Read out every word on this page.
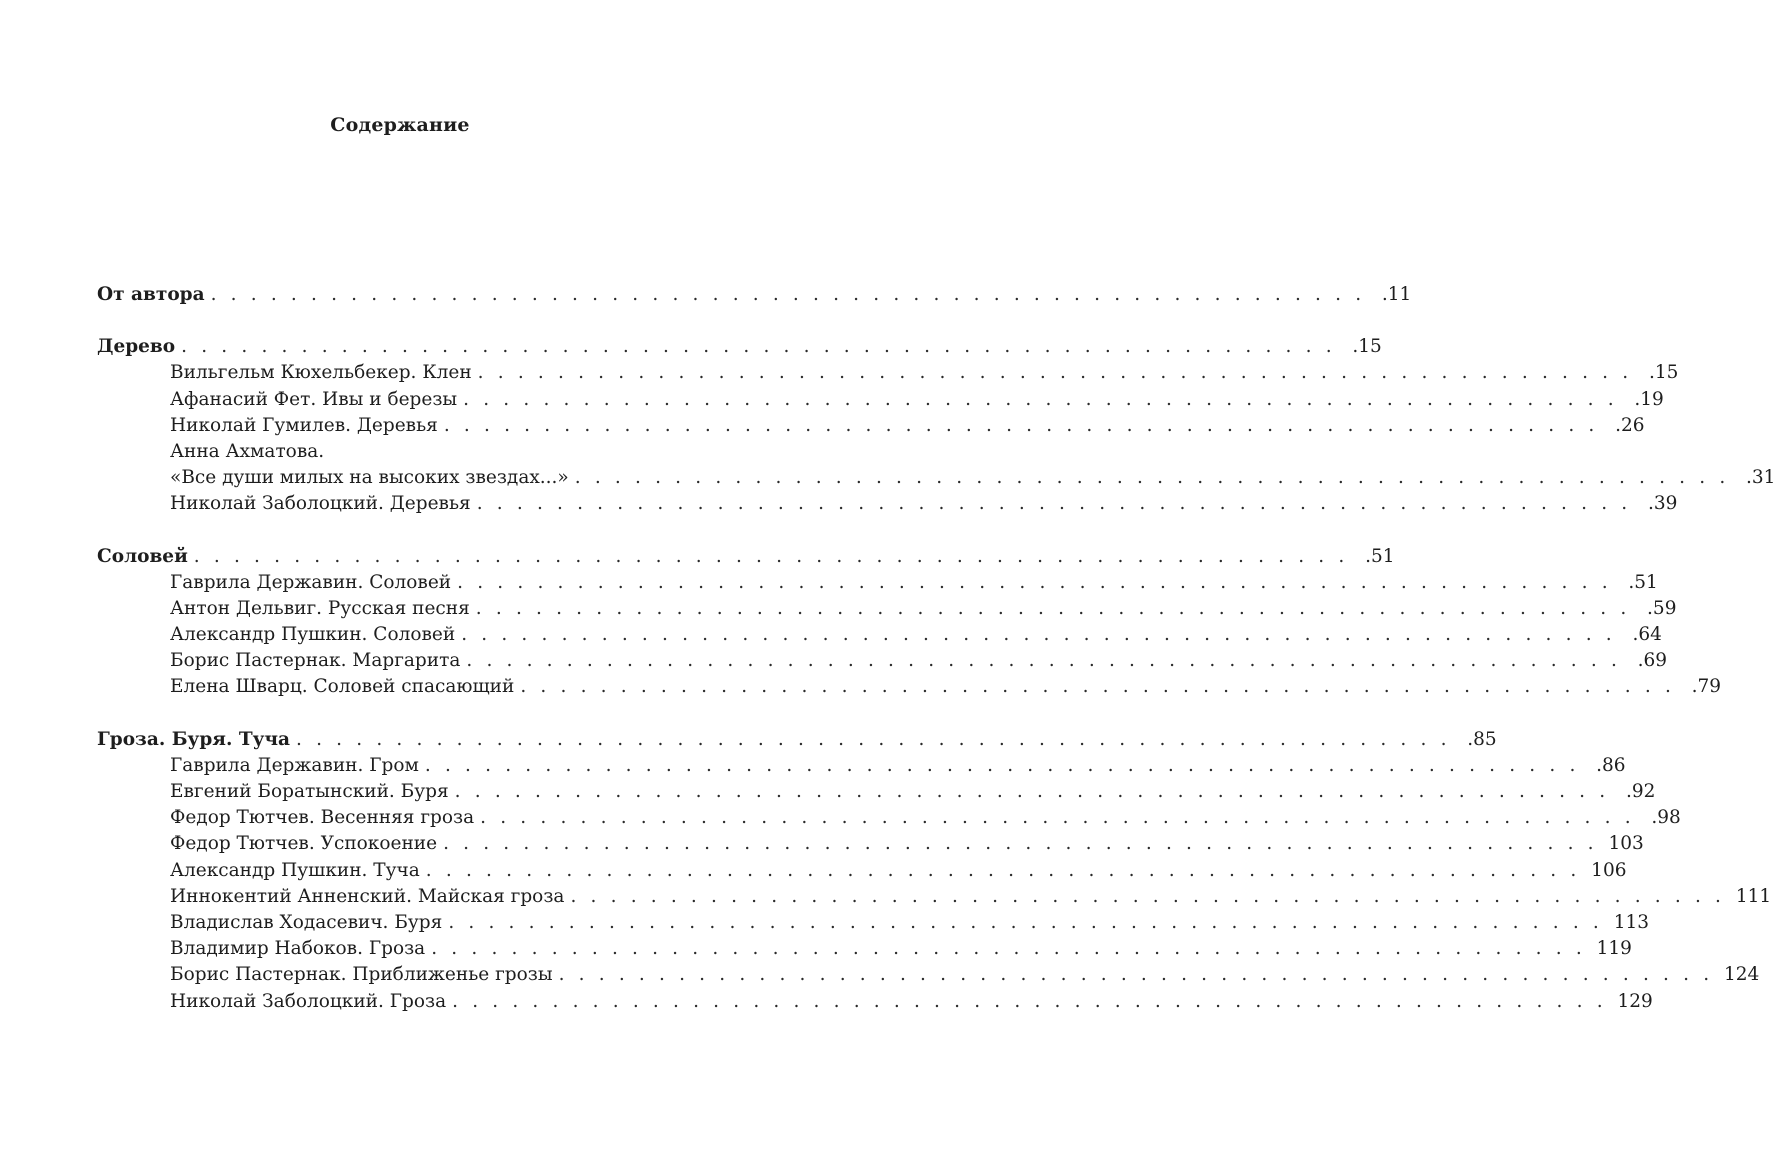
Содержание
От автора .......................................................... .11
Дерево .......................................................... .15
Вильгельм Кюхельбекер. Клен .......................................................... .15
Афанасий Фет. Ивы и березы .......................................................... .19
Николай Гумилев. Деревья .......................................................... .26
Анна Ахматова.
«Все души милых на высоких звездах...» .......................................................... .31
Николай Заболоцкий. Деревья .......................................................... .39
Соловей .......................................................... .51
Гаврила Державин. Соловей .......................................................... .51
Антон Дельвиг. Русская песня .......................................................... .59
Александр Пушкин. Соловей .......................................................... .64
Борис Пастернак. Маргарита .......................................................... .69
Елена Шварц. Соловей спасающий .......................................................... .79
Гроза. Буря. Туча .......................................................... .85
Гаврила Державин. Гром .......................................................... .86
Евгений Боратынский. Буря .......................................................... .92
Федор Тютчев. Весенняя гроза .......................................................... .98
Федор Тютчев. Успокоение .......................................................... 103
Александр Пушкин. Туча .......................................................... 106
Иннокентий Анненский. Майская гроза .......................................................... 111
Владислав Ходасевич. Буря .......................................................... 113
Владимир Набоков. Гроза .......................................................... 119
Борис Пастернак. Приближенье грозы .......................................................... 124
Николай Заболоцкий. Гроза .......................................................... 129
